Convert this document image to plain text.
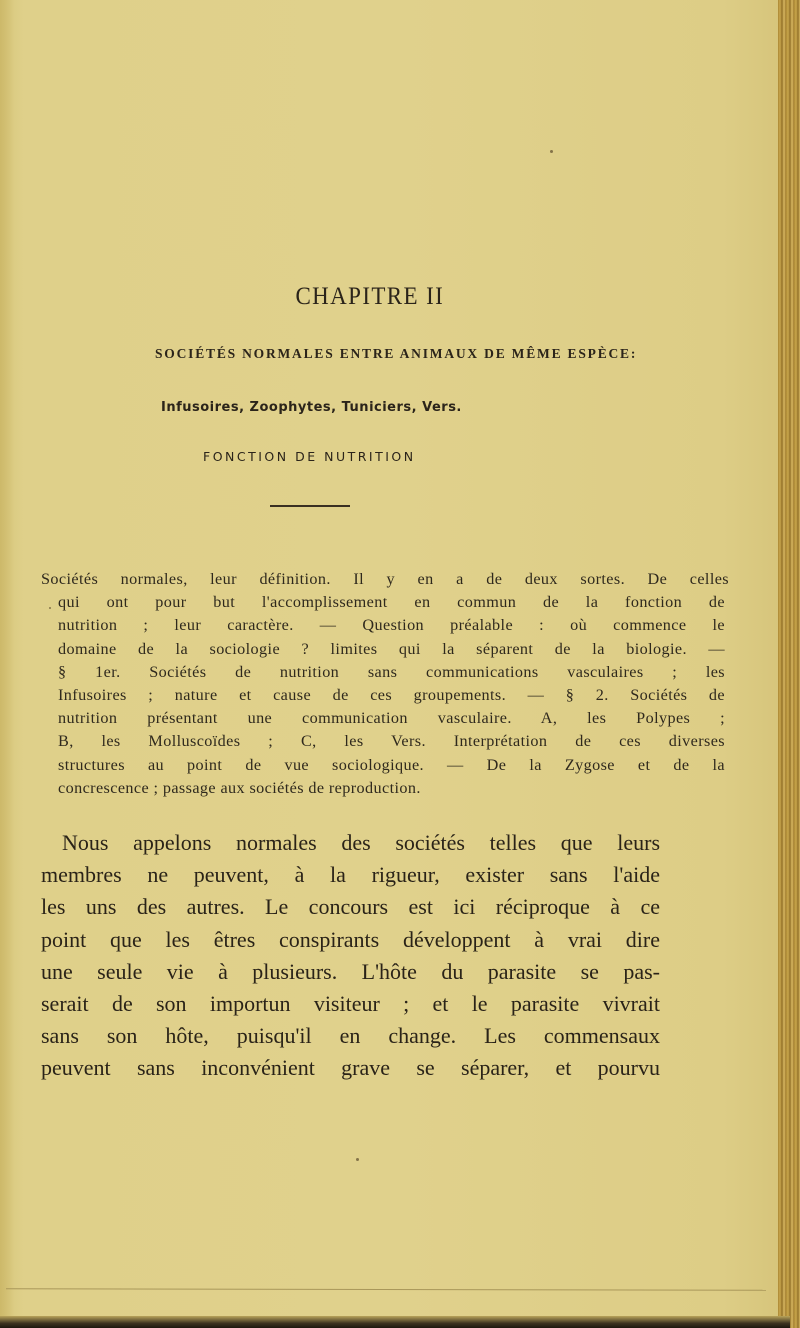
CHAPITRE II
SOCIÉTÉS NORMALES ENTRE ANIMAUX DE MÊME ESPÈCE:
Infusoires, Zoophytes, Tuniciers, Vers.
FONCTION DE NUTRITION
Sociétés normales, leur définition. Il y en a de deux sortes. De celles
qui ont pour but l'accomplissement en commun de la fonction de
nutrition ; leur caractère. — Question préalable : où commence le
domaine de la sociologie ? limites qui la séparent de la biologie. —
§ 1er. Sociétés de nutrition sans communications vasculaires ; les
Infusoires ; nature et cause de ces groupements. — § 2. Sociétés de
nutrition présentant une communication vasculaire. A, les Polypes ;
B, les Molluscoïdes ; C, les Vers. Interprétation de ces diverses
structures au point de vue sociologique. — De la Zygose et de la
concrescence ; passage aux sociétés de reproduction.
Nous appelons normales des sociétés telles que leurs
membres ne peuvent, à la rigueur, exister sans l'aide
les uns des autres. Le concours est ici réciproque à ce
point que les êtres conspirants développent à vrai dire
une seule vie à plusieurs. L'hôte du parasite se pas-
serait de son importun visiteur ; et le parasite vivrait
sans son hôte, puisqu'il en change. Les commensaux
peuvent sans inconvénient grave se séparer, et pourvu
